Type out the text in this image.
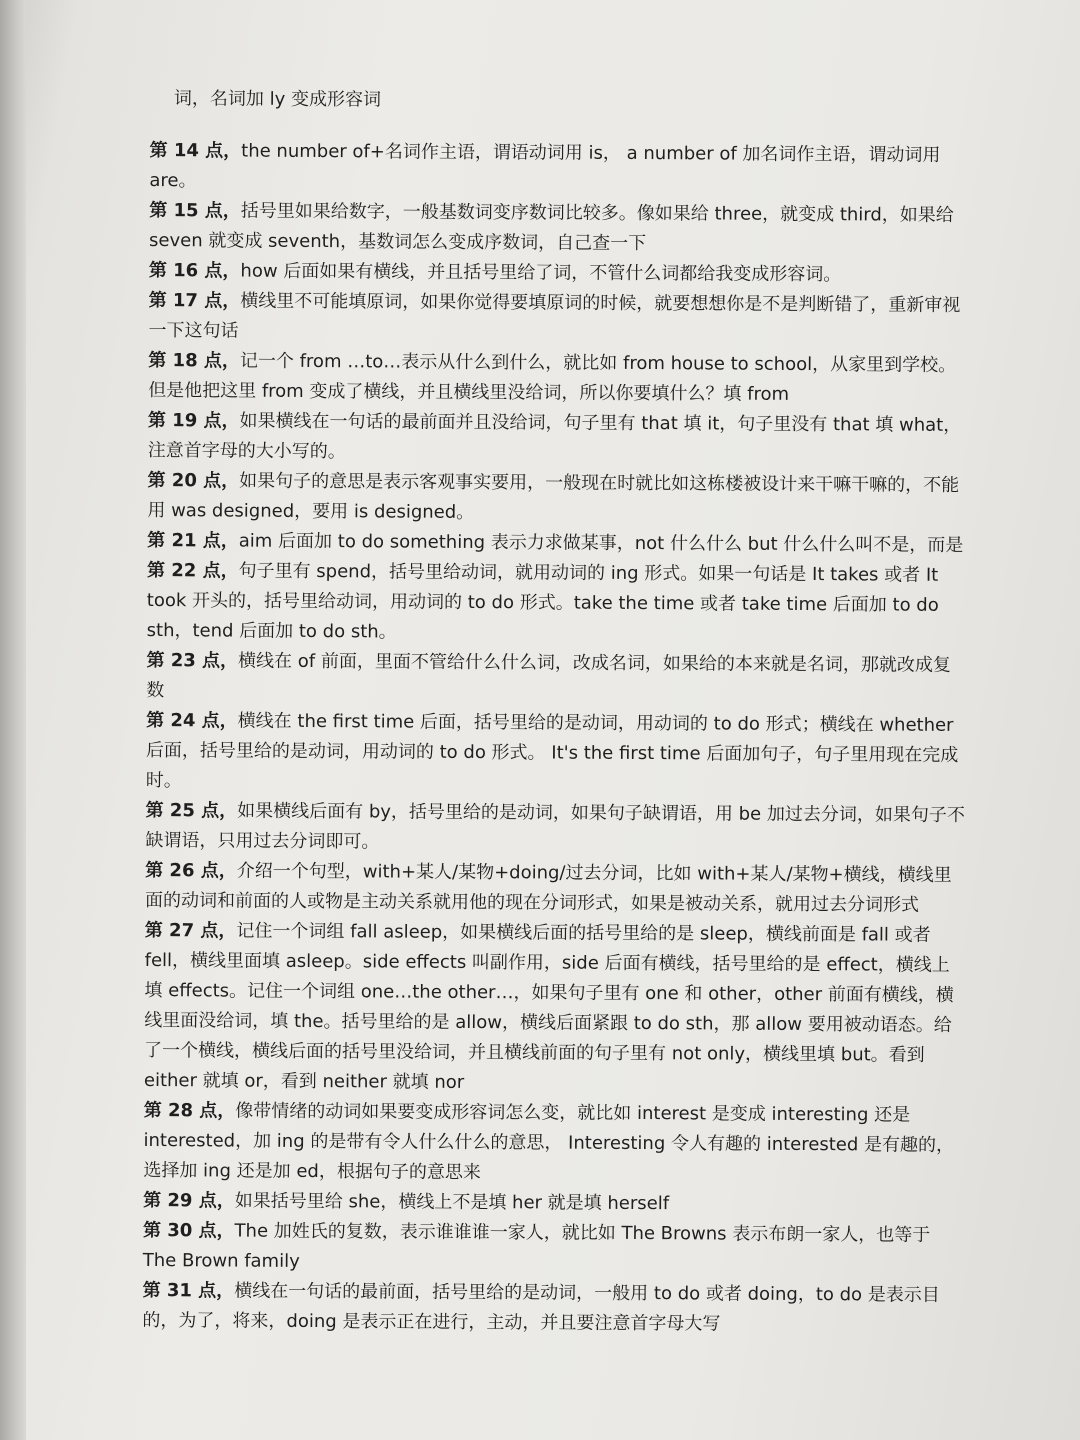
词，名词加 ly 变成形容词

第 14 点，the number of+名词作主语，谓语动词用 is， a number of 加名词作主语，谓动词用 are。

第 15 点，括号里如果给数字，一般基数词变序数词比较多。像如果给 three，就变成 third，如果给 seven 就变成 seventh，基数词怎么变成序数词，自己查一下

第 16 点，how 后面如果有横线，并且括号里给了词，不管什么词都给我变成形容词。

第 17 点，横线里不可能填原词，如果你觉得要填原词的时候，就要想想你是不是判断错了，重新审视一下这句话

第 18 点，记一个 from …to…表示从什么到什么，就比如 from house to school，从家里到学校。但是他把这里 from 变成了横线，并且横线里没给词，所以你要填什么？填 from

第 19 点，如果横线在一句话的最前面并且没给词，句子里有 that 填 it，句子里没有 that 填 what，注意首字母的大小写的。

第 20 点，如果句子的意思是表示客观事实要用，一般现在时就比如这栋楼被设计来干嘛干嘛的，不能用 was designed，要用 is designed。

第 21 点，aim 后面加 to do something 表示力求做某事，not 什么什么 but 什么什么叫不是，而是

第 22 点，句子里有 spend，括号里给动词，就用动词的 ing 形式。如果一句话是 It takes 或者 It took 开头的，括号里给动词，用动词的 to do 形式。take the time 或者 take time 后面加 to do sth，tend 后面加 to do sth。

第 23 点，横线在 of 前面，里面不管给什么什么词，改成名词，如果给的本来就是名词，那就改成复数

第 24 点，横线在 the first time 后面，括号里给的是动词，用动词的 to do 形式；横线在 whether 后面，括号里给的是动词，用动词的 to do 形式。 It's the first time 后面加句子，句子里用现在完成时。

第 25 点，如果横线后面有 by，括号里给的是动词，如果句子缺谓语，用 be 加过去分词，如果句子不缺谓语，只用过去分词即可。

第 26 点，介绍一个句型，with+某人/某物+doing/过去分词，比如 with+某人/某物+横线，横线里面的动词和前面的人或物是主动关系就用他的现在分词形式，如果是被动关系，就用过去分词形式

第 27 点，记住一个词组 fall asleep，如果横线后面的括号里给的是 sleep，横线前面是 fall 或者 fell，横线里面填 asleep。side effects 叫副作用，side 后面有横线，括号里给的是 effect，横线上填 effects。记住一个词组 one…the other…，如果句子里有 one 和 other，other 前面有横线，横线里面没给词，填 the。括号里给的是 allow，横线后面紧跟 to do sth，那 allow 要用被动语态。给了一个横线，横线后面的括号里没给词，并且横线前面的句子里有 not only，横线里填 but。看到 either 就填 or，看到 neither 就填 nor

第 28 点，像带情绪的动词如果要变成形容词怎么变，就比如 interest 是变成 interesting 还是 interested，加 ing 的是带有令人什么什么的意思， Interesting 令人有趣的 interested 是有趣的，选择加 ing 还是加 ed，根据句子的意思来

第 29 点，如果括号里给 she，横线上不是填 her 就是填 herself

第 30 点，The 加姓氏的复数，表示谁谁谁一家人，就比如 The Browns 表示布朗一家人，也等于 The Brown family

第 31 点，横线在一句话的最前面，括号里给的是动词，一般用 to do 或者 doing，to do 是表示目的，为了，将来，doing 是表示正在进行，主动，并且要注意首字母大写
